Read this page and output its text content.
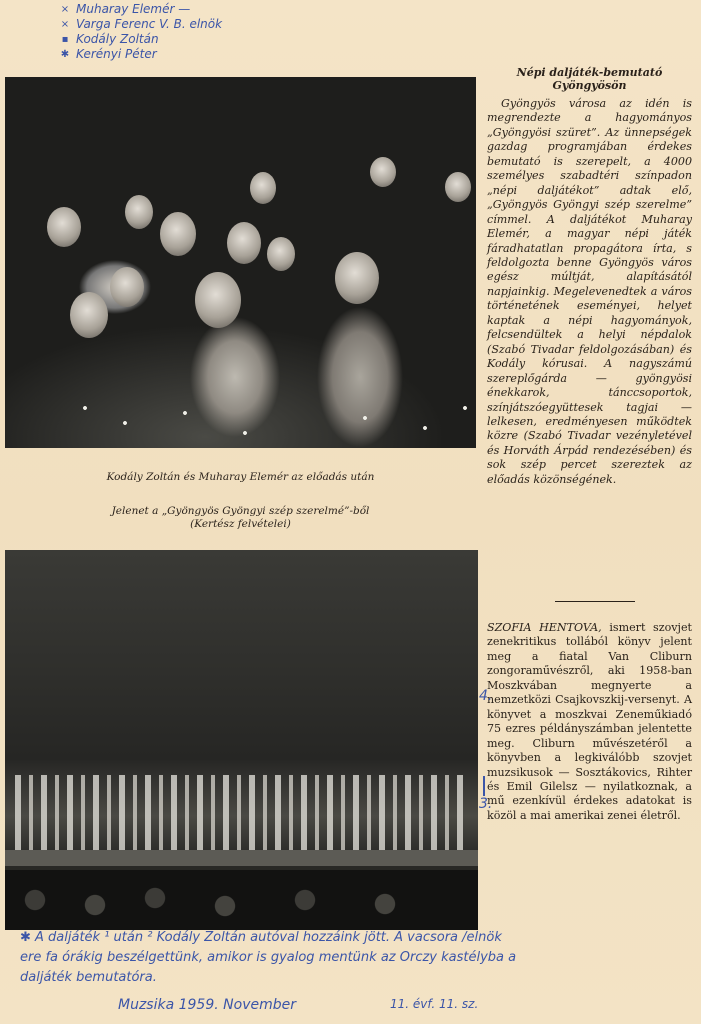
× Muharay Elemér —
× Varga Ferenc V. B. elnök
▪ Kodály Zoltán
✱ Kerényi Péter
Kodály Zoltán és Muharay Elemér az előadás után
Jelenet a „Gyöngyös Gyöngyi szép szerelmé”-ből
(Kertész felvételei)
Népi daljáték-bemutató
Gyöngyösön
Gyöngyös városa az idén is megrendezte a hagyományos „Gyöngyösi szüret”. Az ünnepségek gazdag programjában érdekes bemutató is szerepelt, a 4000 személyes szabadtéri színpadon „népi daljátékot” adtak elő, „Gyöngyös Gyöngyi szép szerelme” címmel. A daljátékot Muharay Elemér, a magyar népi játék fáradhatatlan propagátora írta, s feldolgozta benne Gyöngyös város egész múltját, alapításától napjainkig. Megelevenedtek a város történetének eseményei, helyet kaptak a népi hagyományok, felcsendültek a helyi népdalok (Szabó Tivadar feldolgozásában) és Kodály kórusai. A nagyszámú szereplőgárda — gyöngyösi énekkarok, tánccsoportok, színjátszóegyüttesek tagjai — lelkesen, eredményesen működtek közre (Szabó Tivadar vezényletével és Horváth Árpád rendezésében) és sok szép percet szereztek az előadás közönségének.
SZOFIA HENTOVA, ismert szovjet zenekritikus tollából könyv jelent meg a fiatal Van Cliburn zongoraművészről, aki 1958-ban Moszkvában megnyerte a nemzetközi Csajkovszkij-versenyt. A könyvet a moszkvai Zeneműkiadó 75 ezres példányszámban jelentette meg. Cliburn művészetéről a könyvben a legkiválóbb szovjet muzsikusok — Sosztákovics, Rihter és Emil Gilelsz — nyilatkoznak, a mű ezenkívül érdekes adatokat is közöl a mai amerikai zenei életről.
4.
3.
✱ A daljáték ¹ után ² Kodály Zoltán autóval hozzáink jött. A vacsora /elnök
ere fa órákig beszélgettünk, amikor is gyalog mentünk az Orczy kastélyba a
daljáték bemutatóra.
Muzsika 1959. November	11. évf. 11. sz.
